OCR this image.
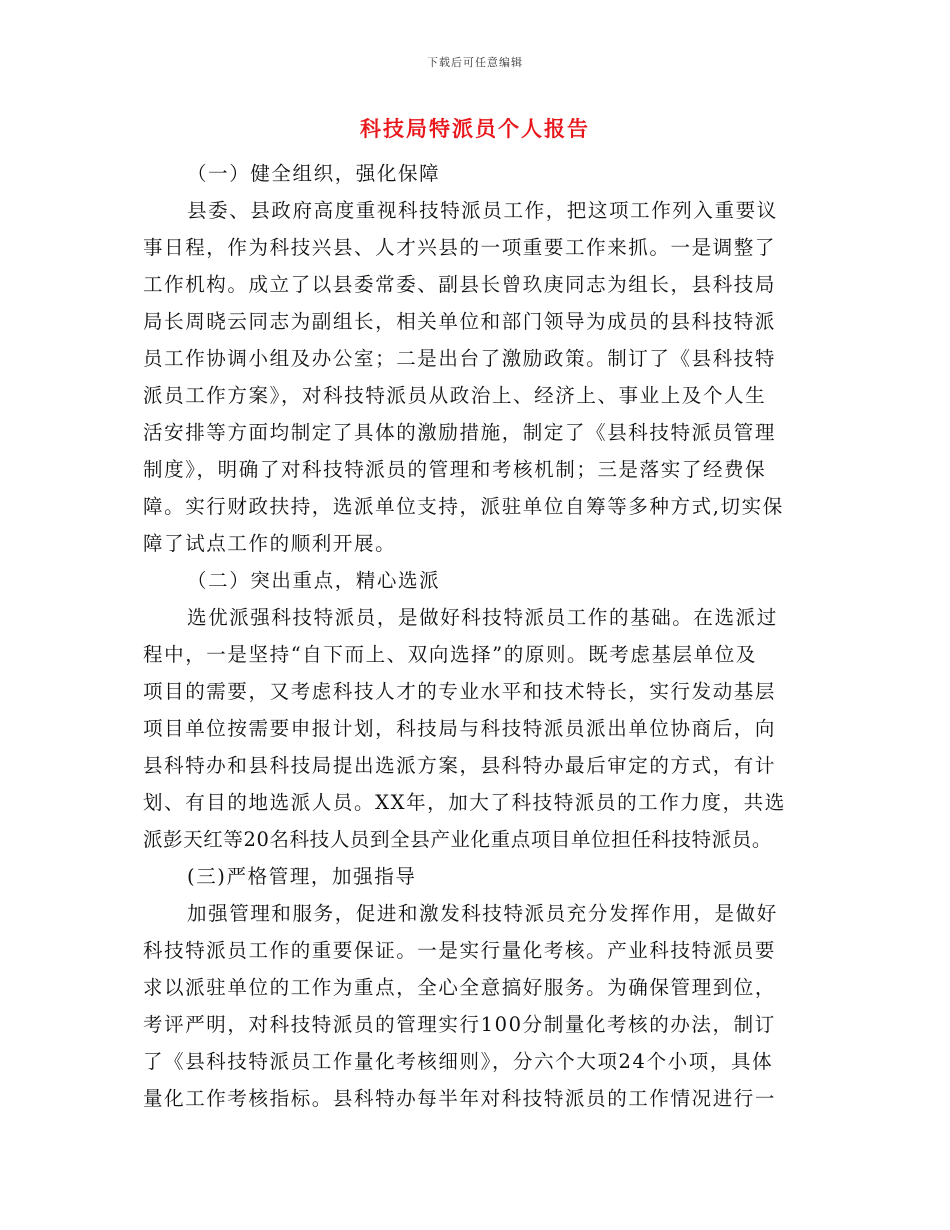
下载后可任意编辑
科技局特派员个人报告
（一）健全组织，强化保障
县委、县政府高度重视科技特派员工作，把这项工作列入重要议
事日程，作为科技兴县、人才兴县的一项重要工作来抓。一是调整了
工作机构。成立了以县委常委、副县长曾玖庚同志为组长，县科技局
局长周晓云同志为副组长，相关单位和部门领导为成员的县科技特派
员工作协调小组及办公室；二是出台了激励政策。制订了《县科技特
派员工作方案》，对科技特派员从政治上、经济上、事业上及个人生
活安排等方面均制定了具体的激励措施，制定了《县科技特派员管理
制度》，明确了对科技特派员的管理和考核机制；三是落实了经费保
障。实行财政扶持，选派单位支持，派驻单位自筹等多种方式,切实保
障了试点工作的顺利开展。
（二）突出重点，精心选派
选优派强科技特派员，是做好科技特派员工作的基础。在选派过
程中，一是坚持“自下而上、双向选择”的原则。既考虑基层单位及
项目的需要，又考虑科技人才的专业水平和技术特长，实行发动基层
项目单位按需要申报计划，科技局与科技特派员派出单位协商后，向
县科特办和县科技局提出选派方案，县科特办最后审定的方式，有计
划、有目的地选派人员。XX年，加大了科技特派员的工作力度，共选
派彭天红等20名科技人员到全县产业化重点项目单位担任科技特派员。
(三)严格管理，加强指导
加强管理和服务，促进和激发科技特派员充分发挥作用，是做好
科技特派员工作的重要保证。一是实行量化考核。产业科技特派员要
求以派驻单位的工作为重点，全心全意搞好服务。为确保管理到位，
考评严明，对科技特派员的管理实行100分制量化考核的办法，制订
了《县科技特派员工作量化考核细则》，分六个大项24个小项，具体
量化工作考核指标。县科特办每半年对科技特派员的工作情况进行一
